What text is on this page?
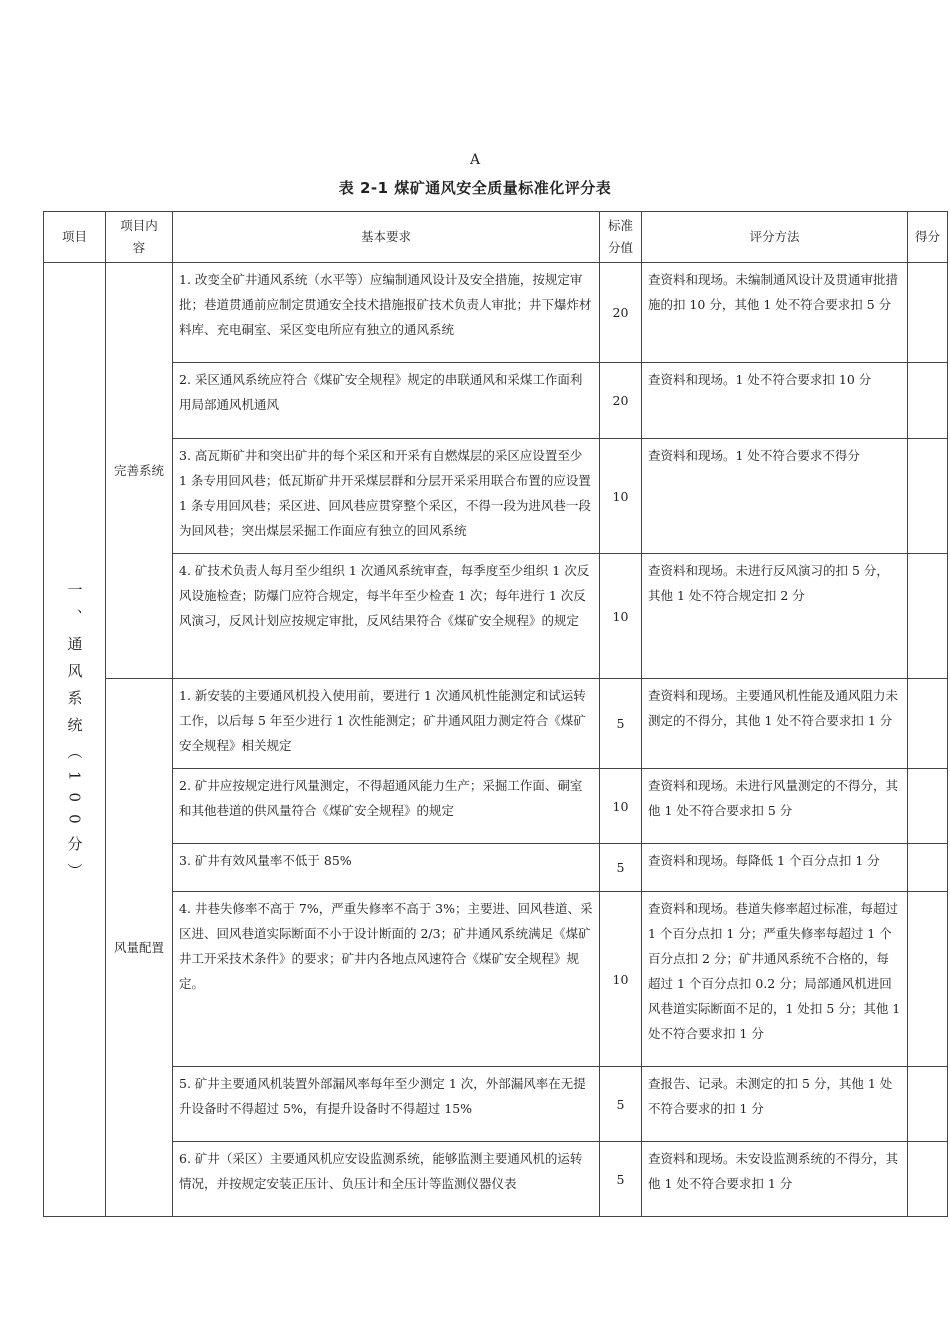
A
表 2-1 煤矿通风安全质量标准化评分表
项目	项目内容	基本要求	标准分值	评分方法	得分
一、通风系统（100分）	完善系统	1. 改变全矿井通风系统（水平等）应编制通风设计及安全措施，按规定审批；巷道贯通前应制定贯通安全技术措施报矿技术负责人审批；井下爆炸材料库、充电硐室、采区变电所应有独立的通风系统	20	查资料和现场。未编制通风设计及贯通审批措施的扣 10 分，其他 1 处不符合要求扣 5 分	
		2. 采区通风系统应符合《煤矿安全规程》规定的串联通风和采煤工作面利用局部通风机通风	20	查资料和现场。1 处不符合要求扣 10 分	
		3. 高瓦斯矿井和突出矿井的每个采区和开采有自燃煤层的采区应设置至少 1 条专用回风巷；低瓦斯矿井开采煤层群和分层开采采用联合布置的应设置 1 条专用回风巷；采区进、回风巷应贯穿整个采区，不得一段为进风巷一段为回风巷；突出煤层采掘工作面应有独立的回风系统	10	查资料和现场。1 处不符合要求不得分	
		4. 矿技术负责人每月至少组织 1 次通风系统审查，每季度至少组织 1 次反风设施检查；防爆门应符合规定，每半年至少检查 1 次；每年进行 1 次反风演习，反风计划应按规定审批，反风结果符合《煤矿安全规程》的规定	10	查资料和现场。未进行反风演习的扣 5 分，其他 1 处不符合规定扣 2 分	

	风量配置	1. 新安装的主要通风机投入使用前，要进行 1 次通风机性能测定和试运转工作，以后每 5 年至少进行 1 次性能测定；矿井通风阻力测定符合《煤矿安全规程》相关规定	5	查资料和现场。主要通风机性能及通风阻力未测定的不得分，其他 1 处不符合要求扣 1 分	
		2. 矿井应按规定进行风量测定，不得超通风能力生产；采掘工作面、硐室和其他巷道的供风量符合《煤矿安全规程》的规定	10	查资料和现场。未进行风量测定的不得分，其他 1 处不符合要求扣 5 分	
		3. 矿井有效风量率不低于 85%	5	查资料和现场。每降低 1 个百分点扣 1 分	
		4. 井巷失修率不高于 7%，严重失修率不高于 3%；主要进、回风巷道、采区进、回风巷道实际断面不小于设计断面的 2/3；矿井通风系统满足《煤矿井工开采技术条件》的要求；矿井内各地点风速符合《煤矿安全规程》规定。	10	查资料和现场。巷道失修率超过标准，每超过 1 个百分点扣 1 分；严重失修率每超过 1 个百分点扣 2 分；矿井通风系统不合格的，每超过 1 个百分点扣 0.2 分；局部通风机进回风巷道实际断面不足的，1 处扣 5 分；其他 1 处不符合要求扣 1 分	
		5. 矿井主要通风机装置外部漏风率每年至少测定 1 次，外部漏风率在无提升设备时不得超过 5%，有提升设备时不得超过 15%	5	查报告、记录。未测定的扣 5 分，其他 1 处不符合要求的扣 1 分	
		6. 矿井（采区）主要通风机应安设监测系统，能够监测主要通风机的运转情况，并按规定安装正压计、负压计和全压计等监测仪器仪表	5	查资料和现场。未安设监测系统的不得分，其他 1 处不符合要求扣 1 分	
